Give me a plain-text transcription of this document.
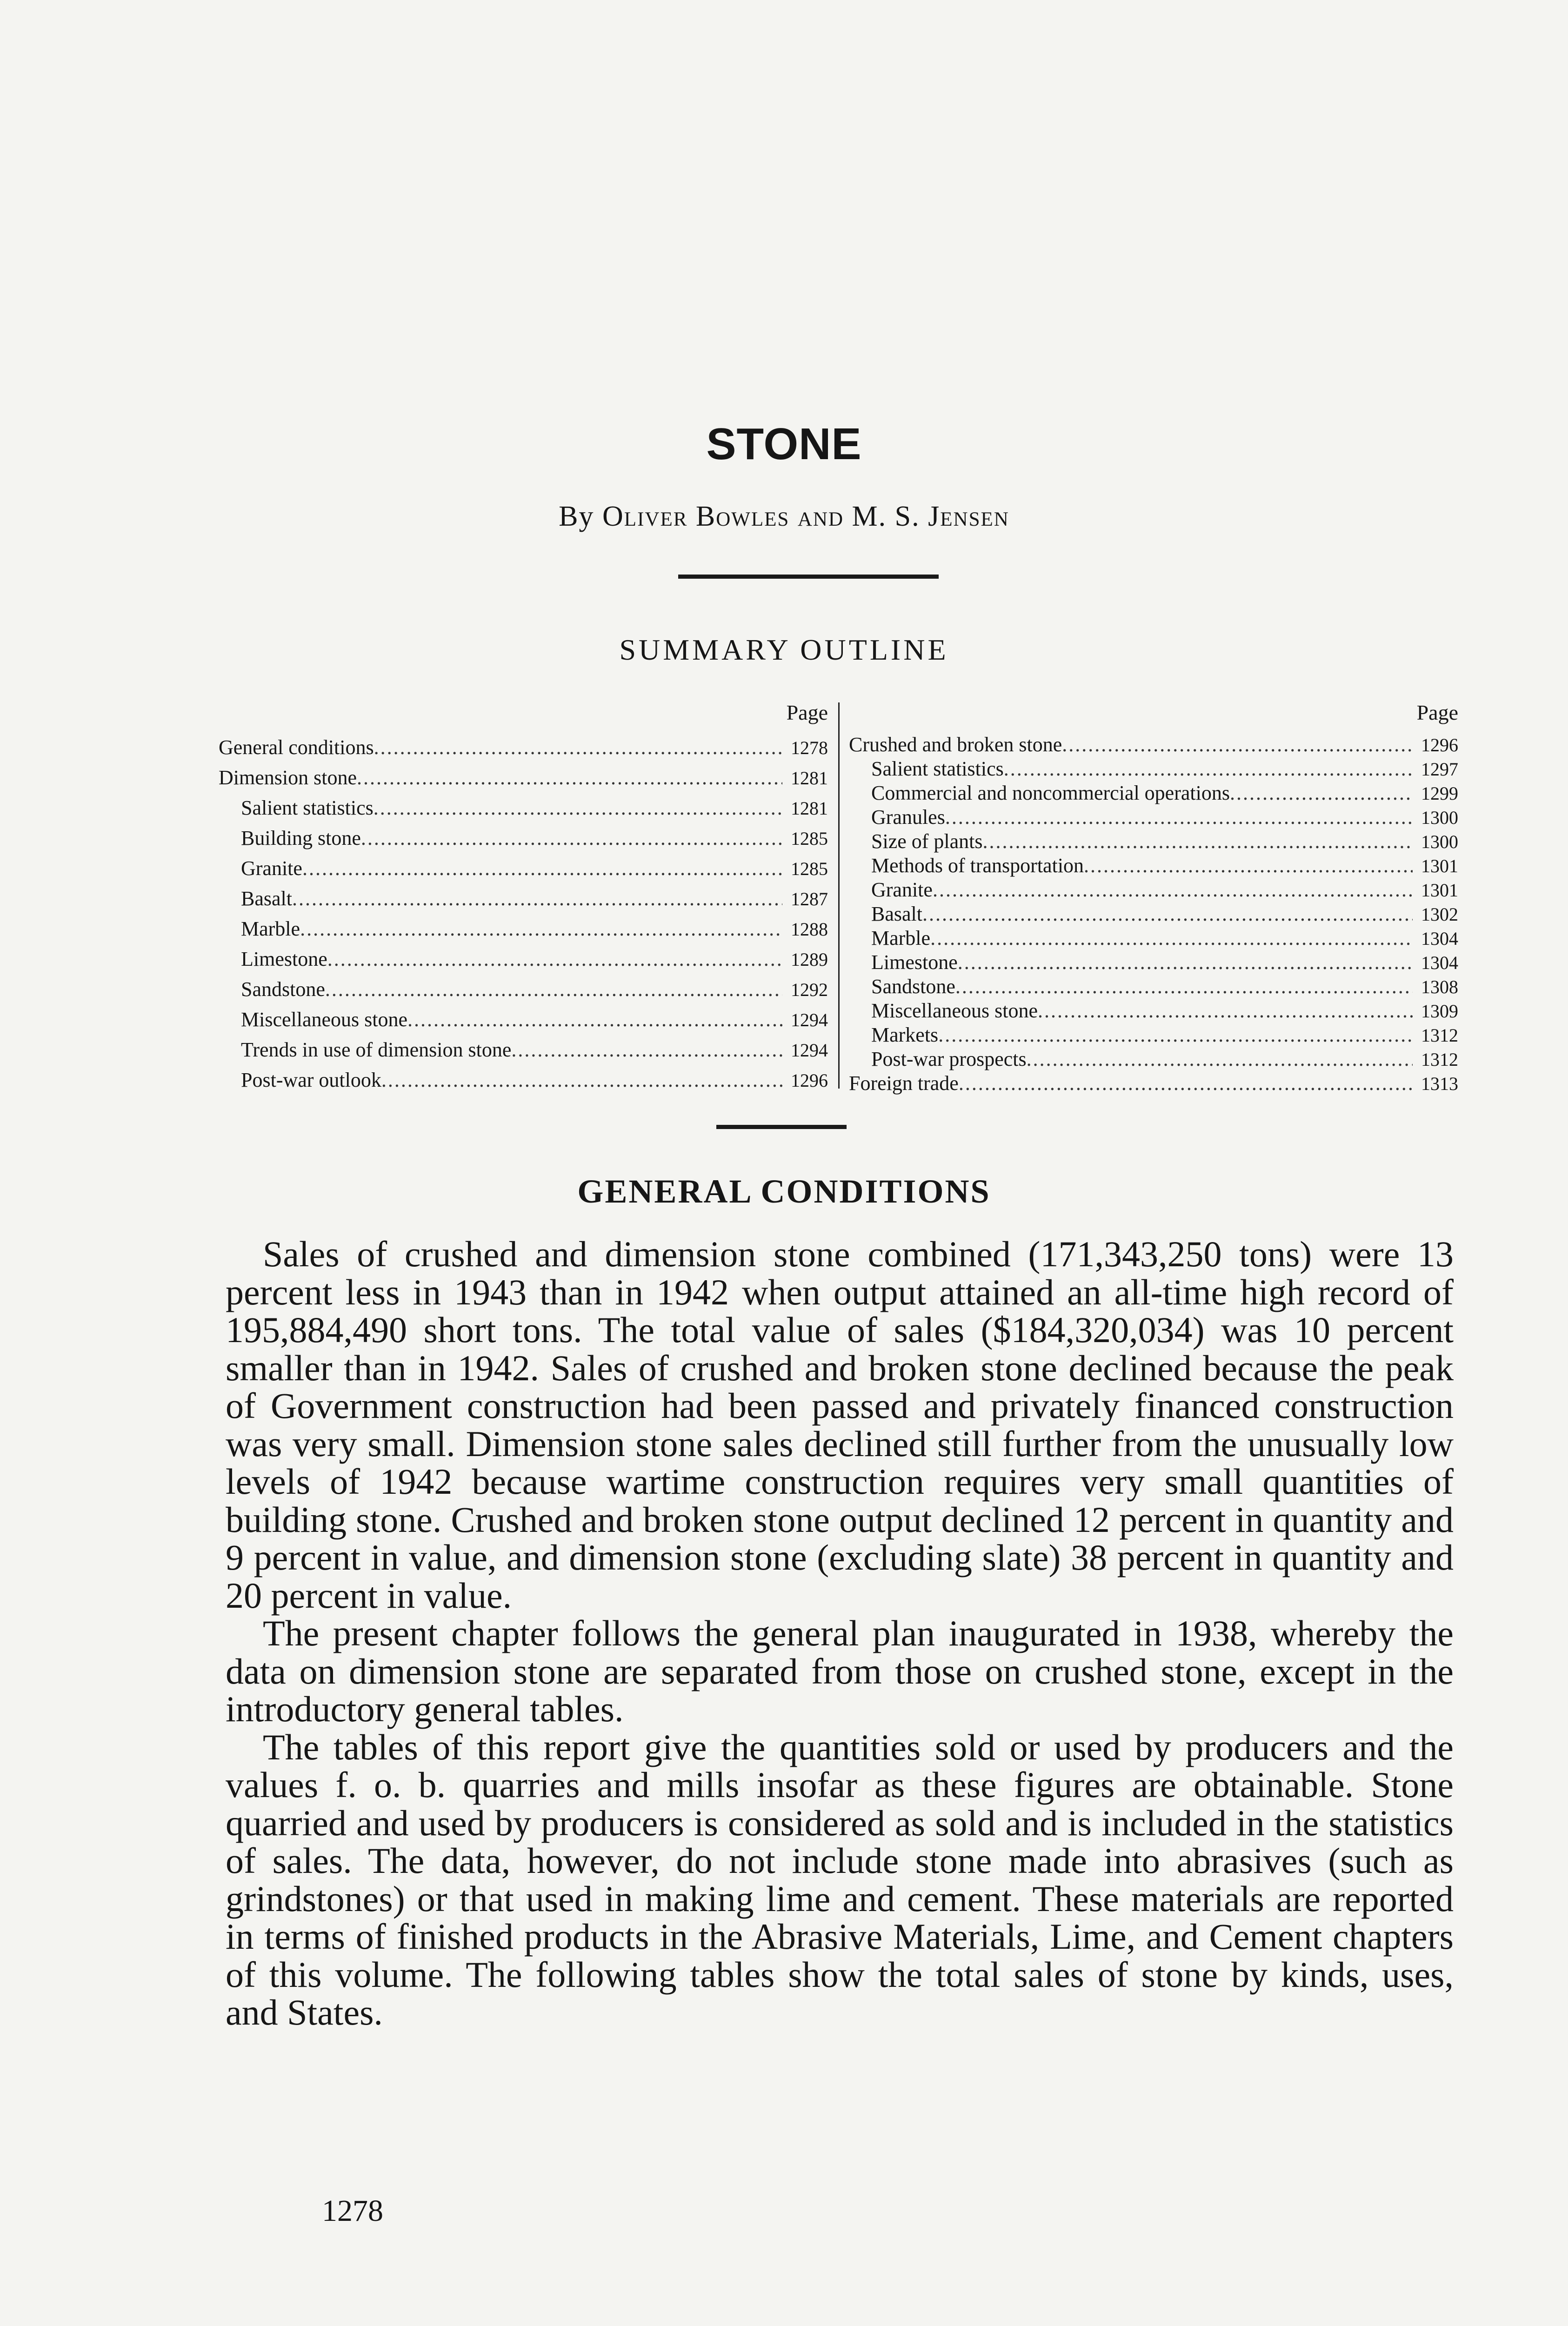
STONE
By Oliver Bowles and M. S. Jensen
SUMMARY OUTLINE
Page
General conditions .....	1278
Dimension stone .....	1281
Salient statistics .....	1281
Building stone .....	1285
Granite .....	1285
Basalt .....	1287
Marble .....	1288
Limestone .....	1289
Sandstone .....	1292
Miscellaneous stone .....	1294
Trends in use of dimension stone .....	1294
Post-war outlook .....	1296
Page
Crushed and broken stone .....	1296
Salient statistics .....	1297
Commercial and noncommercial operations .....	1299
Granules .....	1300
Size of plants .....	1300
Methods of transportation .....	1301
Granite .....	1301
Basalt .....	1302
Marble .....	1304
Limestone .....	1304
Sandstone .....	1308
Miscellaneous stone .....	1309
Markets .....	1312
Post-war prospects .....	1312
Foreign trade .....	1313
GENERAL CONDITIONS

Sales of crushed and dimension stone combined (171,343,250 tons) were 13 percent less in 1943 than in 1942 when output attained an all-time high record of 195,884,490 short tons. The total value of sales ($184,320,034) was 10 percent smaller than in 1942. Sales of crushed and broken stone declined because the peak of Government construction had been passed and privately financed construction was very small. Dimension stone sales declined still further from the unusually low levels of 1942 because wartime construction requires very small quantities of building stone. Crushed and broken stone output declined 12 percent in quantity and 9 percent in value, and dimension stone (excluding slate) 38 percent in quantity and 20 percent in value.

The present chapter follows the general plan inaugurated in 1938, whereby the data on dimension stone are separated from those on crushed stone, except in the introductory general tables.

The tables of this report give the quantities sold or used by producers and the values f. o. b. quarries and mills insofar as these figures are obtainable. Stone quarried and used by producers is considered as sold and is included in the statistics of sales. The data, however, do not include stone made into abrasives (such as grindstones) or that used in making lime and cement. These materials are reported in terms of finished products in the Abrasive Materials, Lime, and Cement chapters of this volume. The following tables show the total sales of stone by kinds, uses, and States.

1278
